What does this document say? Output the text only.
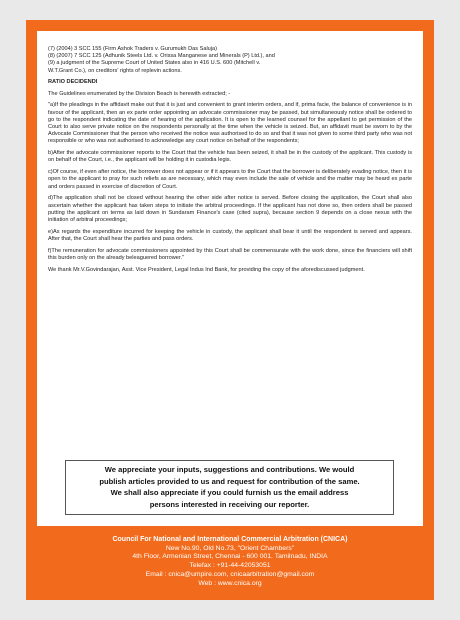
(7) (2004) 3 SCC 155 (Firm Ashok Traders v. Gurumukh Das Saluja)
(8) (2007) 7 SCC 125 (Adhunik Steels Ltd. v. Orissa Manganese and Minerals (P) Ltd.), and
(9) a judgment of the Supreme Court of United States also in 416 U.S. 600 (Mitchell v.
W.T.Grant Co.), on creditors' rights of replevin actions.

RATIO DECIDENDI

The Guidelines enumerated by the Division Beach is herewith extracted; -

"a)If the pleadings in the affidavit make out that it is just and convenient to grant interim orders, and if, prima facie, the balance of convenience is in favour of the applicant, then an ex parte order appointing an advocate commissioner may be passed, but simultaneously notice shall be ordered to go to the respondent indicating the date of hearing of the application. It is open to the learned counsel for the appellant to get permission of the Court to also serve private notice on the respondents personally at the time when the vehicle is seized. But, an affidavit must be sworn to by the Advocate Commissioner that the person who received the notice was authorised to do so and that it was not given to some third party who was not responsible or who was not authorised to acknowledge any court notice on behalf of the respondents;

b)After the advocate commissioner reports to the Court that the vehicle has been seized, it shall be in the custody of the applicant. This custody is on behalf of the Court, i.e., the applicant will be holding it in custodia legis.

c)Of course, if even after notice, the borrower does not appear or if it appears to the Court that the borrower is deliberately evading notice, then it is open to the applicant to pray for such reliefs as are necessary, which may even include the sale of vehicle and the matter may be heard ex parte and orders passed in exercise of discretion of Court.

d)The application shall not be closed without hearing the other side after notice is served. Before closing the application, the Court shall also ascertain whether the applicant has taken steps to initiate the arbitral proceedings. If the applicant has not done so, then orders shall be passed putting the applicant on terms as laid down in Sundaram Finance's case (cited supra), because section 9 depends on a close nexus with the initiation of arbitral proceedings;

e)As regards the expenditure incurred for keeping the vehicle in custody, the applicant shall bear it until the respondent is served and appears. After that, the Court shall hear the parties and pass orders.

f)The remuneration for advocate commissioners appointed by this Court shall be commensurate with the work done, since the financiers will shift this burden only on the already beleaguered borrower."

We thank Mr.V.Govindarajan, Asst. Vice President, Legal Indus Ind Bank, for providing the copy of the aforediscussed judgment.

We appreciate your inputs, suggestions and contributions. We would
publish articles provided to us and request for contribution of the same.
We shall also appreciate if you could furnish us the email address
persons interested in receiving our reporter.
Council For National and International Commercial Arbitration (CNICA)
New No.90, Old No.73, "Orient Chambers"
4th Floor, Armenian Street, Chennai - 600 001. Tamilnadu, INDIA
Telefax : +91-44-42053051
Email : cnica@umpire.com, cnicaarbitration@gmail.com
Web : www.cnica.org
